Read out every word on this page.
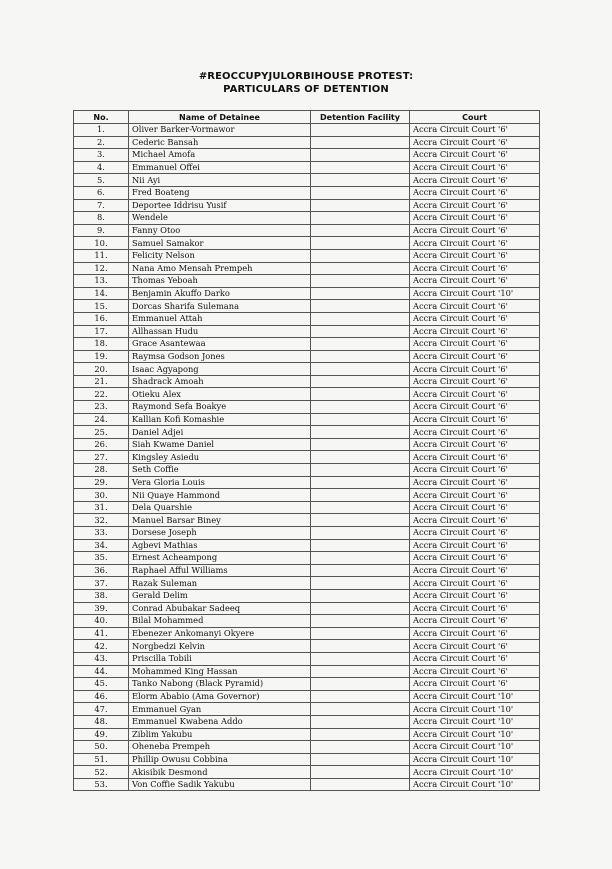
#REOCCUPYJULORBIHOUSE PROTEST:
PARTICULARS OF DETENTION
No.	Name of Detainee	Detention Facility	Court
1.	Oliver Barker-Vormawor		Accra Circuit Court '6'
2.	Cederic Bansah		Accra Circuit Court '6'
3.	Michael Amofa		Accra Circuit Court '6'
4.	Emmanuel Offei		Accra Circuit Court '6'
5.	Nii Ayi		Accra Circuit Court '6'
6.	Fred Boateng		Accra Circuit Court '6'
7.	Deportee Iddrisu Yusif		Accra Circuit Court '6'
8.	Wendele		Accra Circuit Court '6'
9.	Fanny Otoo		Accra Circuit Court '6'
10.	Samuel Samakor		Accra Circuit Court '6'
11.	Felicity Nelson		Accra Circuit Court '6'
12.	Nana Amo Mensah Prempeh		Accra Circuit Court '6'
13.	Thomas Yeboah		Accra Circuit Court '6'
14.	Benjamin Akuffo Darko		Accra Circuit Court '10'
15.	Dorcas Sharifa Sulemana		Accra Circuit Court '6'
16.	Emmanuel Attah		Accra Circuit Court '6'
17.	Allhassan Hudu		Accra Circuit Court '6'
18.	Grace Asantewaa		Accra Circuit Court '6'
19.	Raymsa Godson Jones		Accra Circuit Court '6'
20.	Isaac Agyapong		Accra Circuit Court '6'
21.	Shadrack Amoah		Accra Circuit Court '6'
22.	Otieku Alex		Accra Circuit Court '6'
23.	Raymond Sefa Boakye		Accra Circuit Court '6'
24.	Kallian Kofi Komashie		Accra Circuit Court '6'
25.	Daniel Adjei		Accra Circuit Court '6'
26.	Siah Kwame Daniel		Accra Circuit Court '6'
27.	Kingsley Asiedu		Accra Circuit Court '6'
28.	Seth Coffie		Accra Circuit Court '6'
29.	Vera Gloria Louis		Accra Circuit Court '6'
30.	Nii Quaye Hammond		Accra Circuit Court '6'
31.	Dela Quarshie		Accra Circuit Court '6'
32.	Manuel Barsar Biney		Accra Circuit Court '6'
33.	Dorsese Joseph		Accra Circuit Court '6'
34.	Agbevi Mathias		Accra Circuit Court '6'
35.	Ernest Acheampong		Accra Circuit Court '6'
36.	Raphael Afful Williams		Accra Circuit Court '6'
37.	Razak Suleman		Accra Circuit Court '6'
38.	Gerald Delim		Accra Circuit Court '6'
39.	Conrad Abubakar Sadeeq		Accra Circuit Court '6'
40.	Bilal Mohammed		Accra Circuit Court '6'
41.	Ebenezer Ankomanyi Okyere		Accra Circuit Court '6'
42.	Norgbedzi Kelvin		Accra Circuit Court '6'
43.	Priscilla Tobili		Accra Circuit Court '6'
44.	Mohammed King Hassan		Accra Circuit Court '6'
45.	Tanko Nabong (Black Pyramid)		Accra Circuit Court '6'
46.	Elorm Ababio (Ama Governor)		Accra Circuit Court '10'
47.	Emmanuel Gyan		Accra Circuit Court '10'
48.	Emmanuel Kwabena Addo		Accra Circuit Court '10'
49.	Ziblim Yakubu		Accra Circuit Court '10'
50.	Oheneba Prempeh		Accra Circuit Court '10'
51.	Phillip Owusu Cobbina		Accra Circuit Court '10'
52.	Akisibik Desmond		Accra Circuit Court '10'
53.	Von Coffie Sadik Yakubu		Accra Circuit Court '10'
